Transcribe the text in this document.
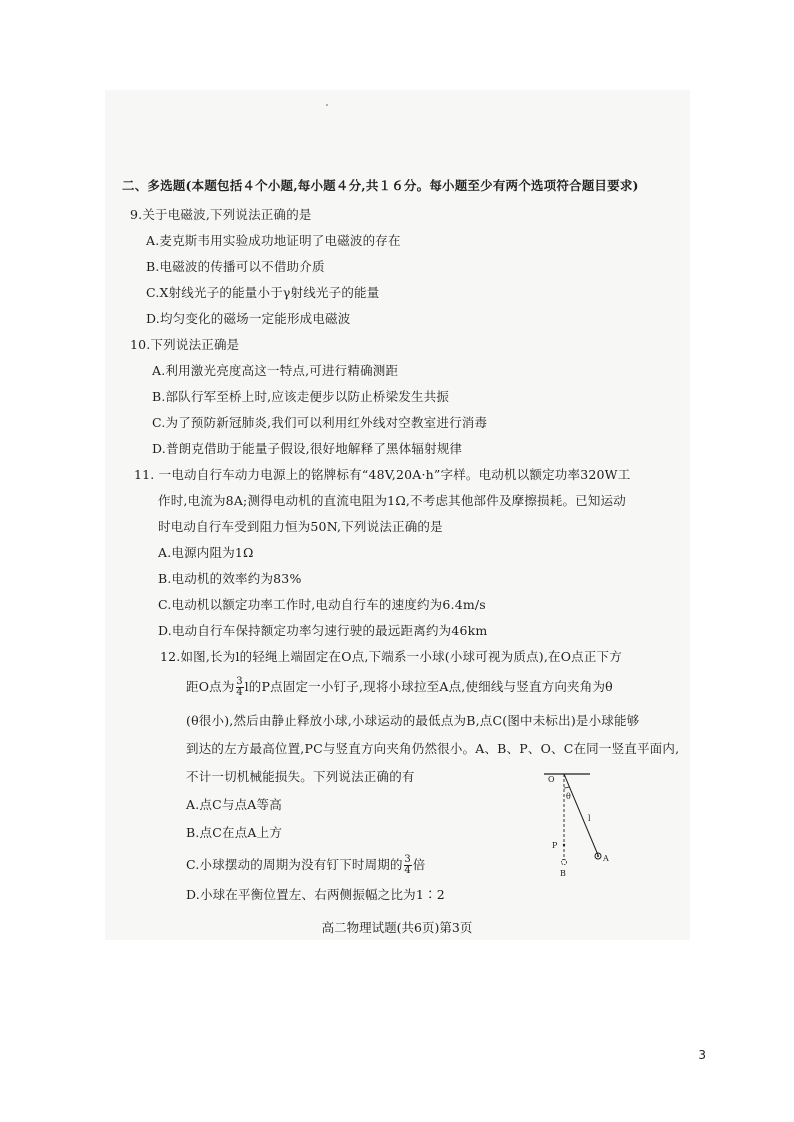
二、多选题(本题包括４个小题,每小题４分,共１６分。每小题至少有两个选项符合题目要求)
9.关于电磁波,下列说法正确的是
A.麦克斯韦用实验成功地证明了电磁波的存在
B.电磁波的传播可以不借助介质
C.X射线光子的能量小于γ射线光子的能量
D.均匀变化的磁场一定能形成电磁波
10.下列说法正确是
A.利用激光亮度高这一特点,可进行精确测距
B.部队行军至桥上时,应该走便步以防止桥梁发生共振
C.为了预防新冠肺炎,我们可以利用红外线对空教室进行消毒
D.普朗克借助于能量子假设,很好地解释了黑体辐射规律
11. 一电动自行车动力电源上的铭牌标有“48V,20A·h”字样。电动机以额定功率320W工
作时,电流为8A;测得电动机的直流电阻为1Ω,不考虑其他部件及摩擦损耗。已知运动
时电动自行车受到阻力恒为50N,下列说法正确的是
A.电源内阻为1Ω
B.电动机的效率约为83%
C.电动机以额定功率工作时,电动自行车的速度约为6.4m/s
D.电动自行车保持额定功率匀速行驶的最远距离约为46km
12.如图,长为l的轻绳上端固定在O点,下端系一小球(小球可视为质点),在O点正下方
距O点为 $\frac{3}{4}$ l的P点固定一小钉子,现将小球拉至A点,使细线与竖直方向夹角为θ
(θ很小),然后由静止释放小球,小球运动的最低点为B,点C(图中未标出)是小球能够
到达的左方最高位置,PC与竖直方向夹角仍然很小。A、B、P、O、C在同一竖直平面内,
不计一切机械能损失。下列说法正确的有
A.点C与点A等高
B.点C在点A上方
C.小球摆动的周期为没有钉下时周期的 $\frac{3}{4}$ 倍
D.小球在平衡位置左、右两侧振幅之比为1∶2
O
θ
l
P
A
B
高二物理试题(共6页)第3页
3
